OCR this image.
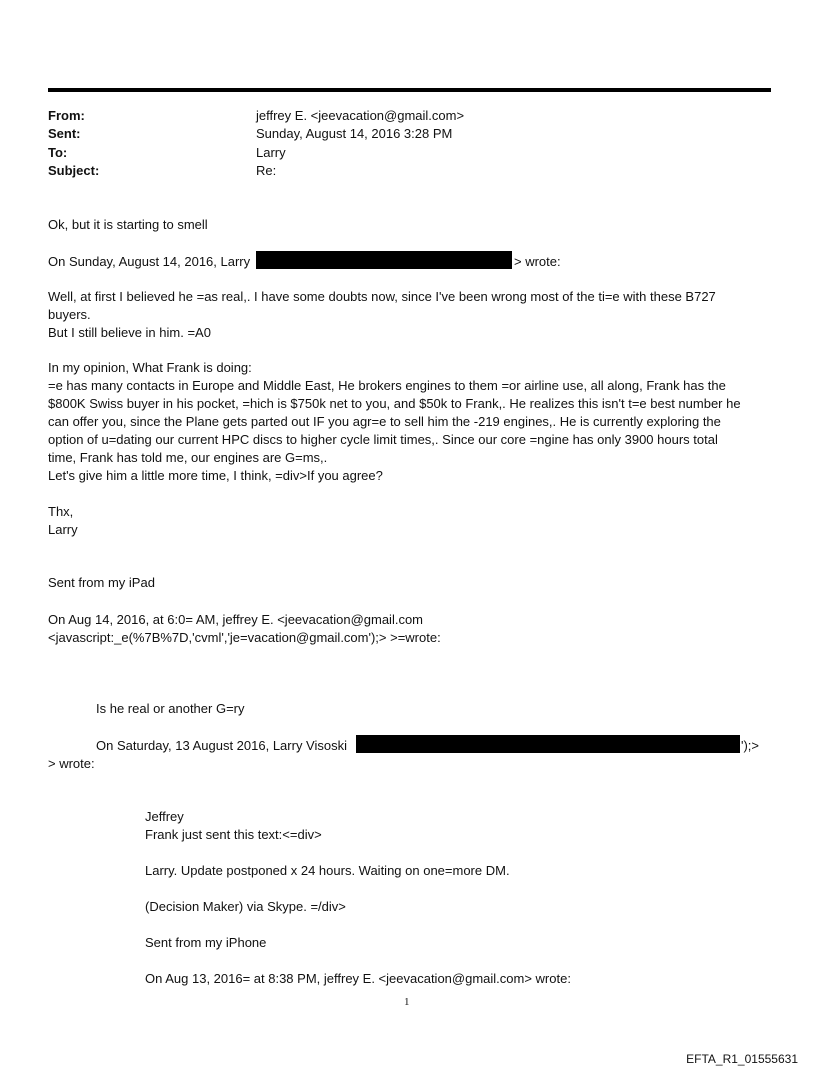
From:	jeffrey E. <jeevacation@gmail.com>
Sent:	Sunday, August 14, 2016 3:28 PM
To:	Larry
Subject:	Re:
Ok, but it is starting to smell
On Sunday, August 14, 2016, Larry	> wrote:
Well, at first I believed he =as real,. I have some doubts now, since I've been wrong most of the ti=e with these B727
buyers.
But I still believe in him. =A0
In my opinion, What Frank is doing:
=e has many contacts in Europe and Middle East, He brokers engines to them =or airline use, all along, Frank has the
$800K Swiss buyer in his pocket, =hich is $750k net to you, and $50k to Frank,. He realizes this isn't t=e best number he
can offer you, since the Plane gets parted out IF you agr=e to sell him the -219 engines,. He is currently exploring the
option of u=dating our current HPC discs to higher cycle limit times,. Since our core =ngine has only 3900 hours total
time, Frank has told me, our engines are G=ms,.
Let's give him a little more time, I think, =div>If you agree?
Thx,
Larry
Sent from my iPad
On Aug 14, 2016, at 6:0= AM, jeffrey E. <jeevacation@gmail.com
<javascript:_e(%7B%7D,'cvml','je=vacation@gmail.com');> >=wrote:
Is he real or another G=ry
On Saturday, 13 August 2016, Larry Visoski	');>
> wrote:
Jeffrey
Frank just sent this text:<=div>
Larry. Update postponed x 24 hours. Waiting on one=more DM.
(Decision Maker) via Skype. =/div>
Sent from my iPhone
On Aug 13, 2016= at 8:38 PM, jeffrey E. <jeevacation@gmail.com> wrote:
1
EFTA_R1_01555631
